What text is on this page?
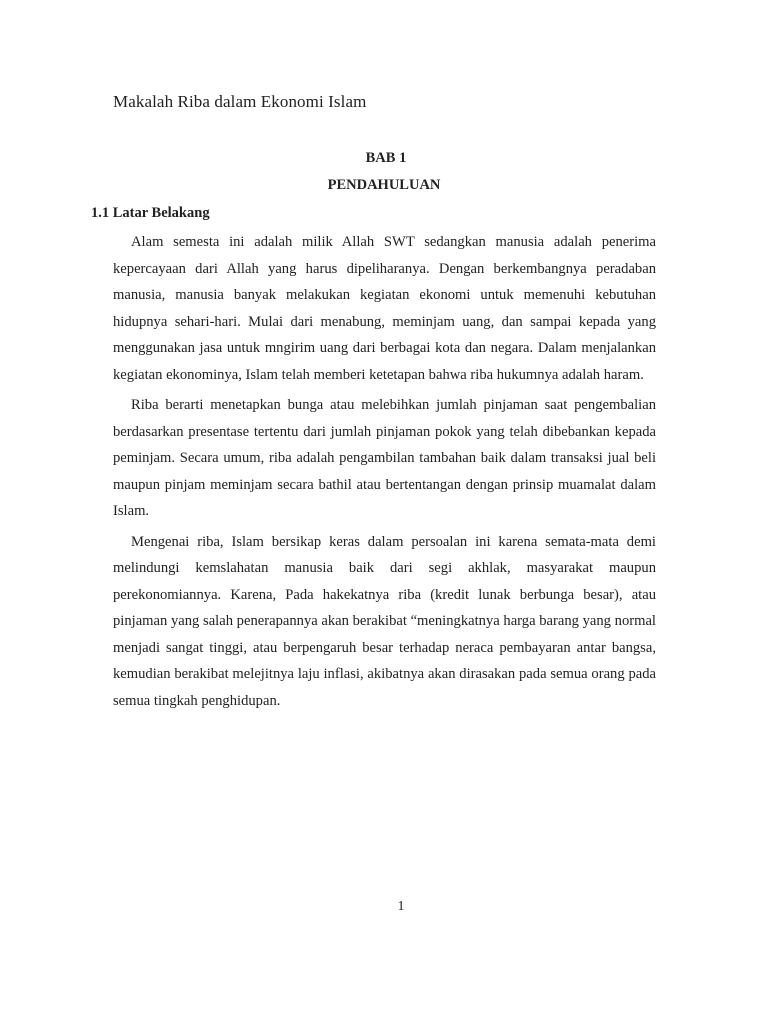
Makalah Riba dalam Ekonomi Islam
BAB 1
PENDAHULUAN
1.1 Latar Belakang

Alam semesta ini adalah milik Allah SWT sedangkan manusia adalah penerima kepercayaan dari Allah yang harus dipeliharanya. Dengan berkembangnya peradaban manusia, manusia banyak melakukan kegiatan ekonomi untuk memenuhi kebutuhan hidupnya sehari-hari. Mulai dari menabung, meminjam uang, dan sampai kepada yang menggunakan jasa untuk mngirim uang dari berbagai kota dan negara. Dalam menjalankan kegiatan ekonominya, Islam telah memberi ketetapan bahwa riba hukumnya adalah haram.

Riba berarti menetapkan bunga atau melebihkan jumlah pinjaman saat pengembalian berdasarkan presentase tertentu dari jumlah pinjaman pokok yang telah dibebankan kepada peminjam. Secara umum, riba adalah pengambilan tambahan baik dalam transaksi jual beli maupun pinjam meminjam secara bathil atau bertentangan dengan prinsip muamalat dalam Islam.

Mengenai riba, Islam bersikap keras dalam persoalan ini karena semata-mata demi melindungi kemslahatan manusia baik dari segi akhlak, masyarakat maupun perekonomiannya. Karena, Pada hakekatnya riba (kredit lunak berbunga besar), atau pinjaman yang salah penerapannya akan berakibat “meningkatnya harga barang yang normal menjadi sangat tinggi, atau berpengaruh besar terhadap neraca pembayaran antar bangsa, kemudian berakibat melejitnya laju inflasi, akibatnya akan dirasakan pada semua orang pada semua tingkah penghidupan.

1
